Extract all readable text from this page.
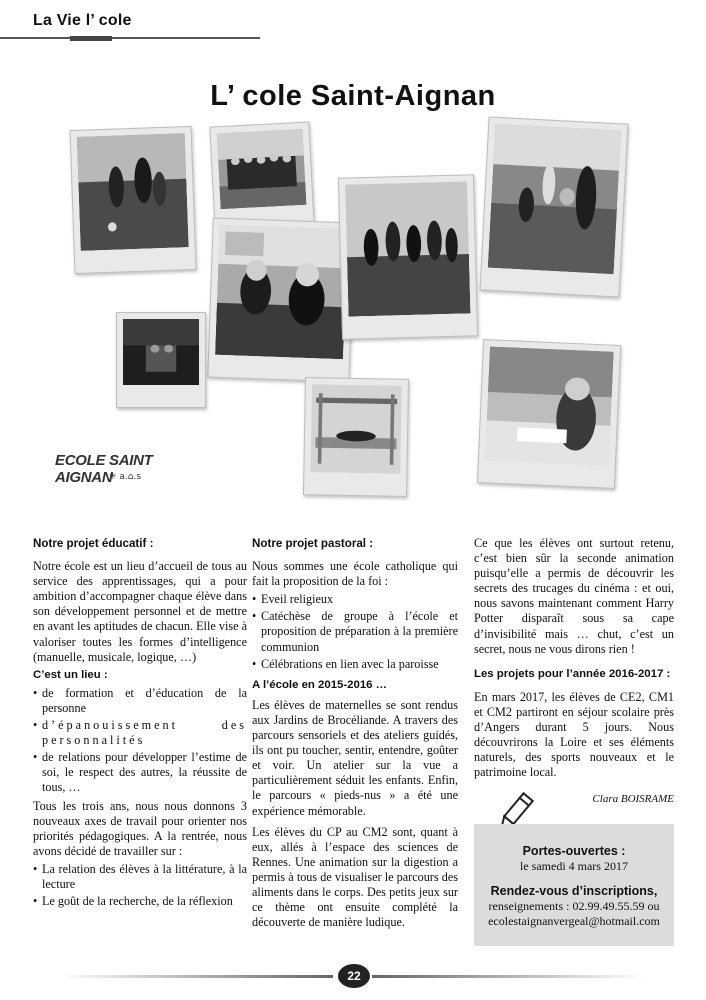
La Vie l’ cole
L’ cole Saint-Aignan
ECOLE SAINT AIGNAN
✳ a.⌂.s
Notre projet éducatif :

Notre école est un lieu d’accueil de tous au service des apprentissages, qui a pour ambition d’accompagner chaque élève dans son développement personnel et de mettre en avant les aptitudes de chacun. Elle vise à valoriser toutes les formes d’intelligence (manuelle, musicale, logique, …)

C’est un lieu :
• de formation et d’éducation de la personne
• d’épanouissement des personnalités
• de relations pour développer l’estime de soi, le respect des autres, la réussite de tous, …

Tous les trois ans, nous nous donnons 3 nouveaux axes de travail pour orienter nos priorités pédagogiques. A la rentrée, nous avons décidé de travailler sur :

• La relation des élèves à la littérature, à la lecture
• Le goût de la recherche, de la réflexion
Notre projet pastoral :

Nous sommes une école catholique qui fait la proposition de la foi :

• Eveil religieux
• Catéchèse de groupe à l’école et proposition de préparation à la première communion
• Célébrations en lien avec la paroisse
A l’école en 2015-2016 …

Les élèves de maternelles se sont rendus aux Jardins de Brocéliande. A travers des parcours sensoriels et des ateliers guidés, ils ont pu toucher, sentir, entendre, goûter et voir. Un atelier sur la vue a particulièrement séduit les enfants. Enfin, le parcours « pieds-nus » a été une expérience mémorable.

Les élèves du CP au CM2 sont, quant à eux, allés à l’espace des sciences de Rennes. Une animation sur la digestion a permis à tous de visualiser le parcours des aliments dans le corps. Des petits jeux sur ce thème ont ensuite complété la découverte de manière ludique.

Ce que les élèves ont surtout retenu, c’est bien sûr la seconde animation puisqu’elle a permis de découvrir les secrets des trucages du cinéma : et oui, nous savons maintenant comment Harry Potter disparaît sous sa cape d’invisibilité mais … chut, c’est un secret, nous ne vous dirons rien !

Les projets pour l’année 2016-2017 :

En mars 2017, les élèves de CE2, CM1 et CM2 partiront en séjour scolaire près d’Angers durant 5 jours. Nous découvrirons la Loire et ses éléments naturels, des sports nouveaux et le patrimoine local.

Clara BOISRAME
Portes-ouvertes :
le samedi 4 mars 2017
Rendez-vous d’inscriptions,
renseignements : 02.99.49.55.59 ou
ecolestaignanvergeal@hotmail.com
22
